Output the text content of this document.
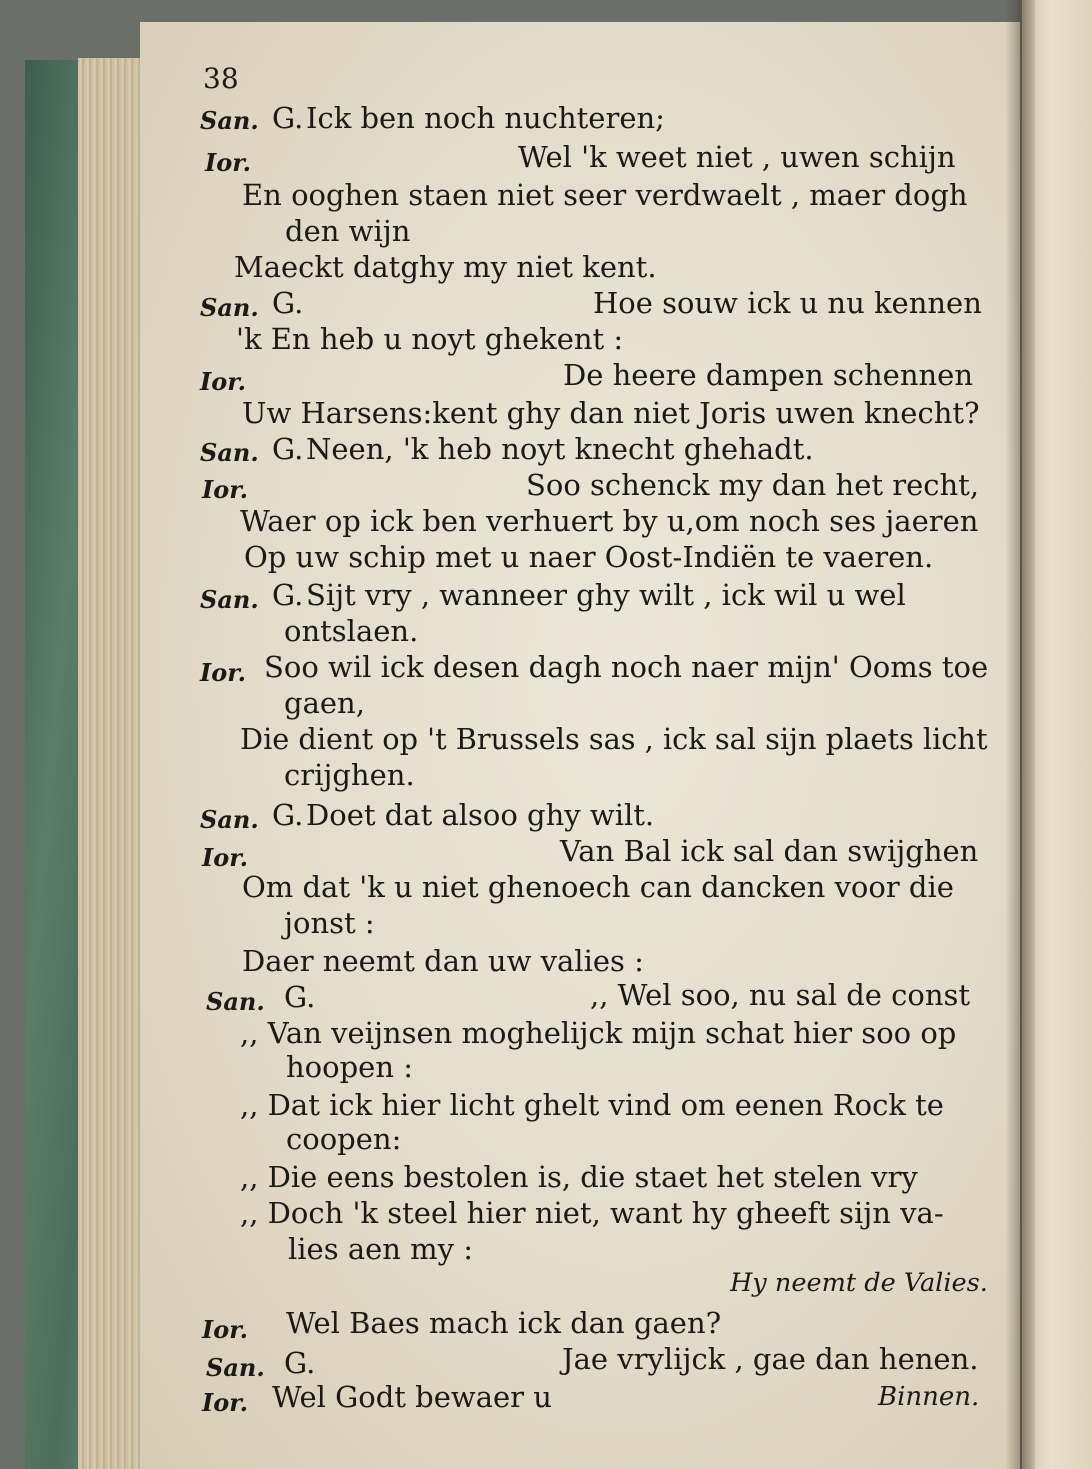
38
San. G. Ick ben noch nuchteren;
Ior.	Wel 'k weet niet , uwen schijn
En ooghen staen niet seer verdwaelt , maer dogh
den wijn
Maeckt datghy my niet kent.
San. G.	Hoe souw ick u nu kennen
'k En heb u noyt ghekent :
Ior.	De heere dampen schennen
Uw Harsens:kent ghy dan niet Joris uwen knecht?
San. G. Neen, 'k heb noyt knecht ghehadt.
Ior.	Soo schenck my dan het recht,
Waer op ick ben verhuert by u,om noch ses jaeren
Op uw schip met u naer Oost-Indiën te vaeren.
San. G. Sijt vry , wanneer ghy wilt , ick wil u wel
ontslaen.
Ior. Soo wil ick desen dagh noch naer mijn' Ooms toe
gaen,
Die dient op 't Brussels sas , ick sal sijn plaets licht
crijghen.
San. G. Doet dat alsoo ghy wilt.
Ior.	Van Bal ick sal dan swijghen
Om dat 'k u niet ghenoech can dancken voor die
jonst :
Daer neemt dan uw valies :
San. G.	,, Wel soo, nu sal de const
,, Van veijnsen moghelijck mijn schat hier soo op
hoopen :
,, Dat ick hier licht ghelt vind om eenen Rock te
coopen:
,, Die eens bestolen is, die staet het stelen vry
,, Doch 'k steel hier niet, want hy gheeft sijn va-
lies aen my :
Hy neemt de Valies.
Ior. Wel Baes mach ick dan gaen?
San. G.	Jae vrylijck , gae dan henen.
Ior. Wel Godt bewaer u	Binnen.
